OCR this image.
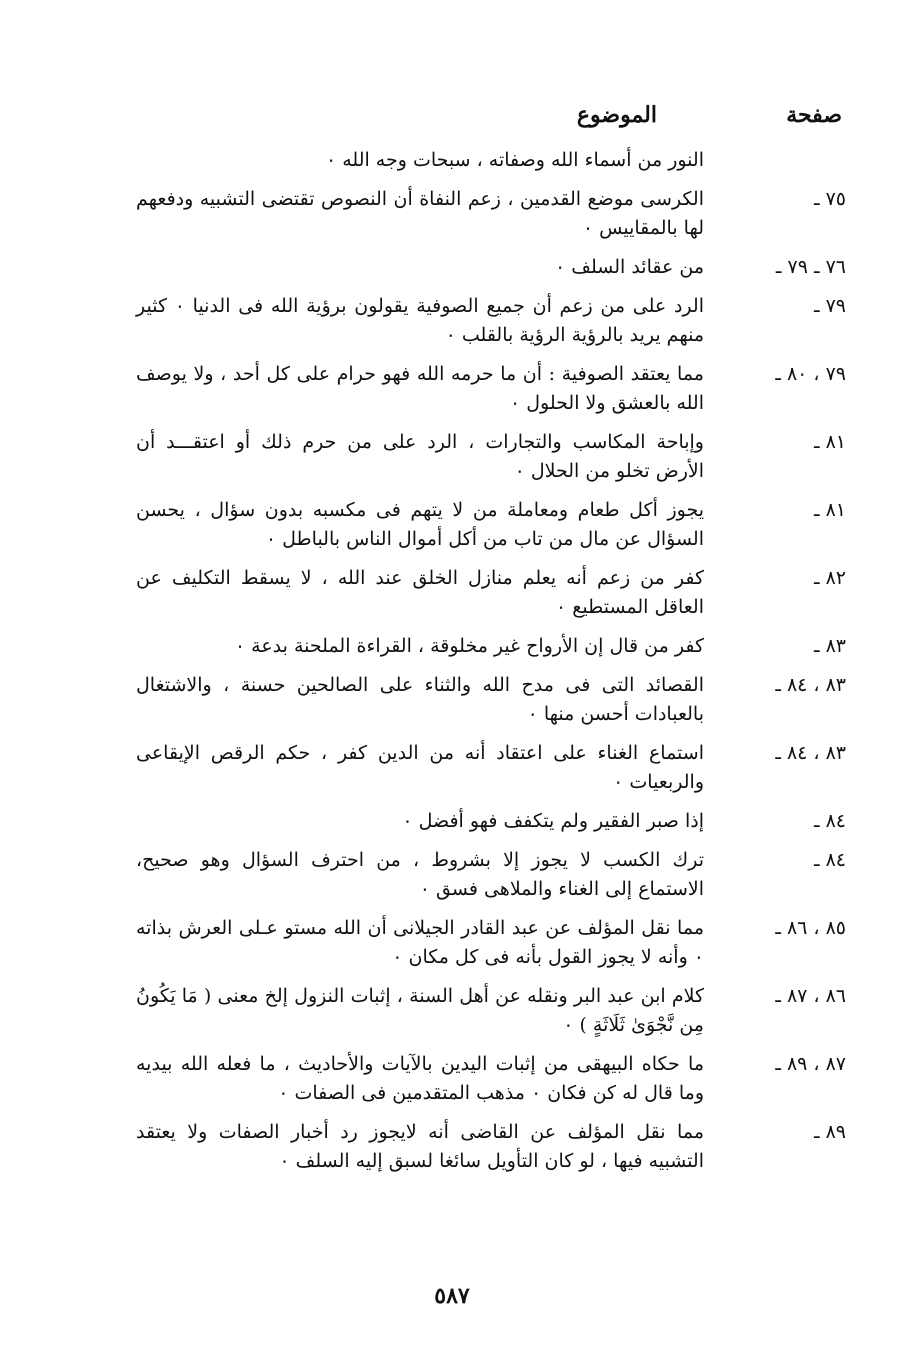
صفحة
الموضوع
النور من أسماء الله وصفاته ، سبحات وجه الله ٠
٧٥ ـ
الكرسى موضع القدمين ، زعم النفاة أن النصوص تقتضى التشبيه ودفعهم لها بالمقاييس ٠
٧٦ ـ ٧٩ ـ
من عقائد السلف ٠
٧٩ ـ
الرد على من زعم أن جميع الصوفية يقولون برؤية الله فى الدنيا ٠ كثير منهم يريد بالرؤية الرؤية بالقلب ٠
٧٩ ، ٨٠ ـ
مما يعتقد الصوفية : أن ما حرمه الله فهو حرام على كل أحد ، ولا يوصف الله بالعشق ولا الحلول ٠
٨١ ـ
وإباحة المكاسب والتجارات ، الرد على من حرم ذلك أو اعتقـــد أن الأرض تخلو من الحلال ٠
٨١ ـ
يجوز أكل طعام ومعاملة من لا يتهم فى مكسبه بدون سؤال ، يحسن السؤال عن مال من تاب من أكل أموال الناس بالباطل ٠
٨٢ ـ
كفر من زعم أنه يعلم منازل الخلق عند الله ، لا يسقط التكليف عن العاقل المستطيع ٠
٨٣ ـ
كفر من قال إن الأرواح غير مخلوقة ، القراءة الملحنة بدعة ٠
٨٣ ، ٨٤ ـ
القصائد التى فى مدح الله والثناء على الصالحين حسنة ، والاشتغال بالعبادات أحسن منها ٠
٨٣ ، ٨٤ ـ
استماع الغناء على اعتقاد أنه من الدين كفر ، حكم الرقص الإيقاعى والربعيات ٠
٨٤ ـ
إذا صبر الفقير ولم يتكفف فهو أفضل ٠
٨٤ ـ
ترك الكسب لا يجوز إلا بشروط ، من احترف السؤال وهو صحيح، الاستماع إلى الغناء والملاهى فسق ٠
٨٥ ، ٨٦ ـ
مما نقل المؤلف عن عبد القادر الجيلانى أن الله مستو عـلى العرش بذاته ٠ وأنه لا يجوز القول بأنه فى كل مكان ٠
٨٦ ، ٨٧ ـ
كلام ابن عبد البر ونقله عن أهل السنة ، إثبات النزول إلخ معنى ( مَا يَكُونُ مِن نَّجْوَىٰ ثَلَاثَةٍ ) ٠
٨٧ ، ٨٩ ـ
ما حكاه البيهقى من إثبات اليدين بالآيات والأحاديث ، ما فعله الله بيديه وما قال له كن فكان ٠ مذهب المتقدمين فى الصفات ٠
٨٩ ـ
مما نقل المؤلف عن القاضى أنه لايجوز رد أخبار الصفات ولا يعتقد التشبيه فيها ، لو كان التأويل سائغا لسبق إليه السلف ٠
٥٨٧
